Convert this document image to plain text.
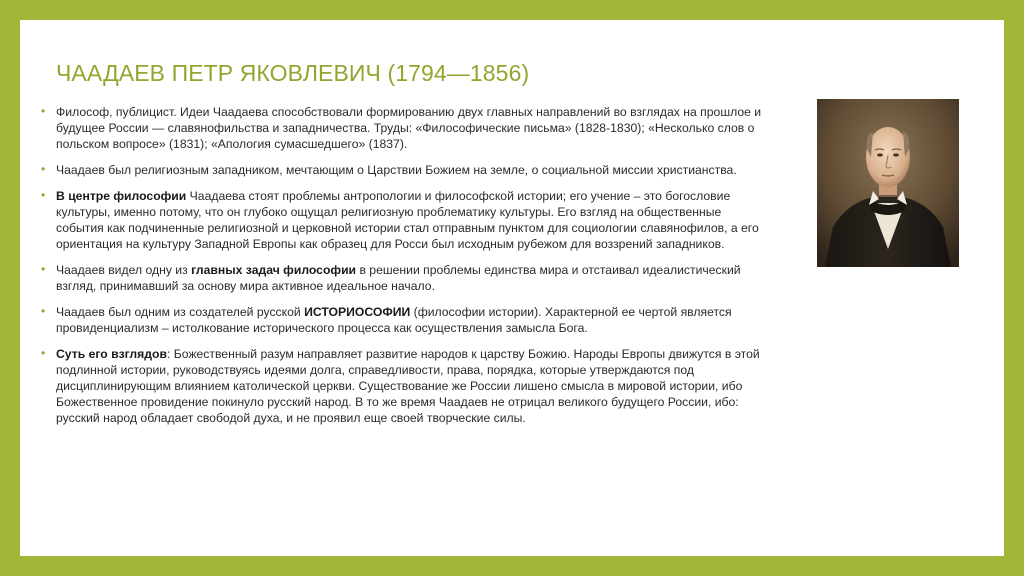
ЧААДАЕВ ПЕТР ЯКОВЛЕВИЧ (1794—1856)
• Философ, публицист. Идеи Чаадаева способствовали формированию двух главных направлений во взглядах на прошлое и будущее России — славянофильства и западничества. Труды: «Философические письма» (1828-1830); «Несколько слов о польском вопросе» (1831); «Апология сумасшедшего» (1837).
• Чаадаев был религиозным западником, мечтающим о Царствии Божием на земле, о социальной миссии христианства.
• В центре философии Чаадаева стоят проблемы антропологии и философской истории; его учение – это богословие культуры, именно потому, что он глубоко ощущал религиозную проблематику культуры. Его взгляд на общественные события как подчиненные религиозной и церковной истории стал отправным пунктом для социологии славянофилов, а его ориентация на культуру Западной Европы как образец для Росси был исходным рубежом для воззрений западников.
• Чаадаев видел одну из главных задач философии в решении проблемы единства мира и отстаивал идеалистический взгляд, принимавший за основу мира активное идеальное начало.
• Чаадаев был одним из создателей русской ИСТОРИОСОФИИ (философии истории). Характерной ее чертой является провиденциализм – истолкование исторического процесса как осуществления замысла Бога.
• Суть его взглядов: Божественный разум направляет развитие народов к царству Божию. Народы Европы движутся в этой подлинной истории, руководствуясь идеями долга, справедливости, права, порядка, которые утверждаются под дисциплинирующим влиянием католической церкви. Существование же России лишено смысла в мировой истории, ибо Божественное провидение покинуло русский народ. В то же время Чаадаев не отрицал великого будущего России, ибо: русский народ обладает свободой духа, и не проявил еще своей творческие силы.
